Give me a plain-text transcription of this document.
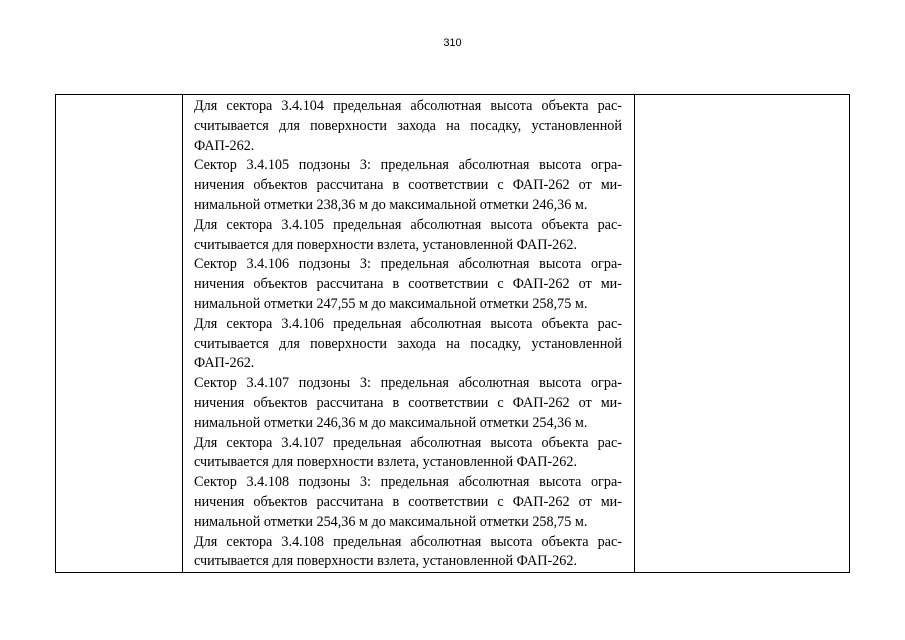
310
Для сектора 3.4.104 предельная абсолютная высота объекта рас-
считывается для поверхности захода на посадку, установленной
ФАП-262.
Сектор 3.4.105 подзоны 3: предельная абсолютная высота огра-
ничения объектов рассчитана в соответствии с ФАП-262 от ми-
нимальной отметки 238,36 м до максимальной отметки 246,36 м.
Для сектора 3.4.105 предельная абсолютная высота объекта рас-
считывается для поверхности взлета, установленной ФАП-262.
Сектор 3.4.106 подзоны 3: предельная абсолютная высота огра-
ничения объектов рассчитана в соответствии с ФАП-262 от ми-
нимальной отметки 247,55 м до максимальной отметки 258,75 м.
Для сектора 3.4.106 предельная абсолютная высота объекта рас-
считывается для поверхности захода на посадку, установленной
ФАП-262.
Сектор 3.4.107 подзоны 3: предельная абсолютная высота огра-
ничения объектов рассчитана в соответствии с ФАП-262 от ми-
нимальной отметки 246,36 м до максимальной отметки 254,36 м.
Для сектора 3.4.107 предельная абсолютная высота объекта рас-
считывается для поверхности взлета, установленной ФАП-262.
Сектор 3.4.108 подзоны 3: предельная абсолютная высота огра-
ничения объектов рассчитана в соответствии с ФАП-262 от ми-
нимальной отметки 254,36 м до максимальной отметки 258,75 м.
Для сектора 3.4.108 предельная абсолютная высота объекта рас-
считывается для поверхности взлета, установленной ФАП-262.
